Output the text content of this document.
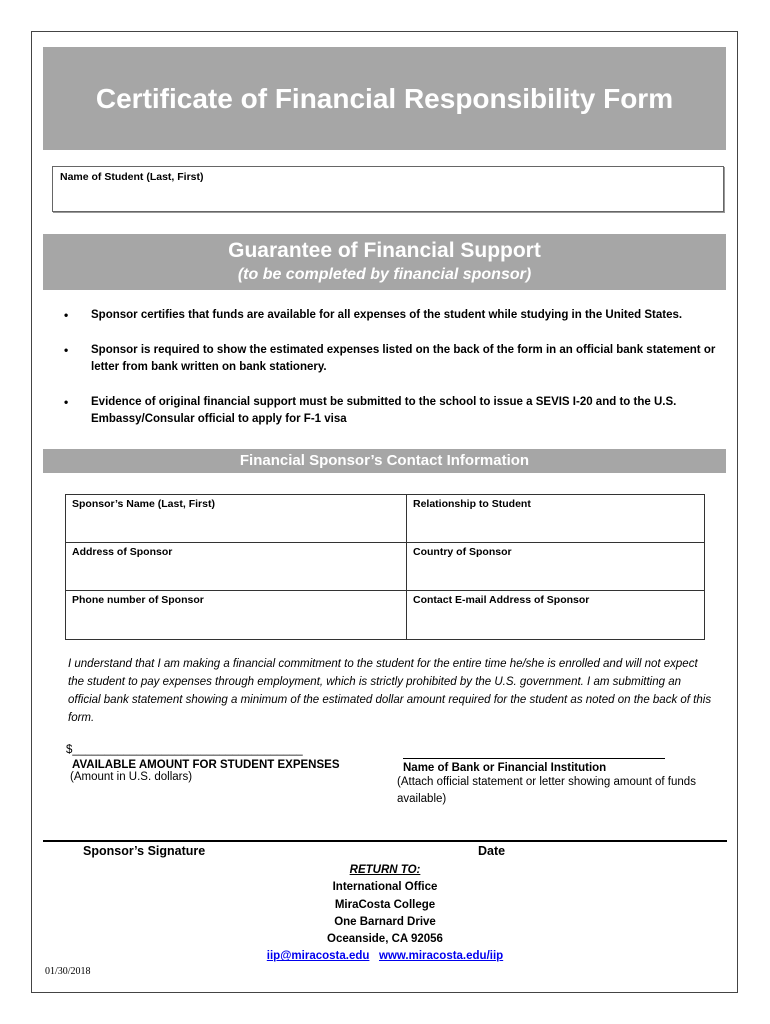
Certificate of Financial Responsibility Form
Name of Student (Last, First)
Guarantee of Financial Support
(to be completed by financial sponsor)
• Sponsor certifies that funds are available for all expenses of the student while studying in the United States.
• Sponsor is required to show the estimated expenses listed on the back of the form in an official bank statement or letter from bank written on bank stationery.
• Evidence of original financial support must be submitted to the school to issue a SEVIS I-20 and to the U.S. Embassy/Consular official to apply for F-1 visa
Financial Sponsor’s Contact Information
Sponsor’s Name (Last, First)	Relationship to Student
Address of Sponsor	Country of Sponsor
Phone number of Sponsor	Contact E-mail Address of Sponsor
I understand that I am making a financial commitment to the student for the entire time he/she is enrolled and will not expect the student to pay expenses through employment, which is strictly prohibited by the U.S. government. I am submitting an official bank statement showing a minimum of the estimated dollar amount required for the student as noted on the back of this form.
$____________________________________
AVAILABLE AMOUNT FOR STUDENT EXPENSES
(Amount in U.S. dollars)
Name of Bank or Financial Institution
(Attach official statement or letter showing amount of funds available)
Sponsor’s Signature	Date
RETURN TO:
International Office
MiraCosta College
One Barnard Drive
Oceanside, CA 92056
iip@miracosta.edu www.miracosta.edu/iip
01/30/2018
